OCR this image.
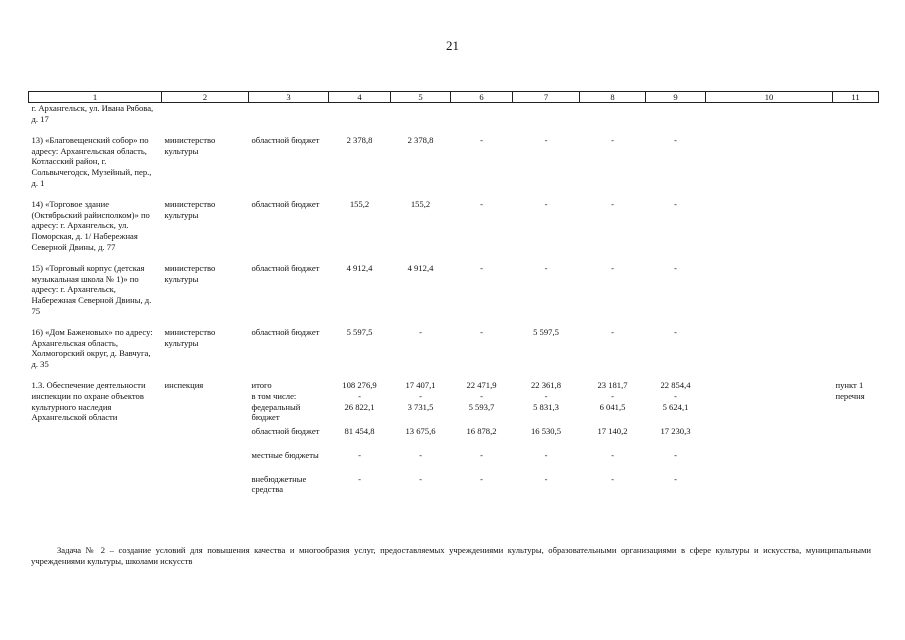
21
1	2	3	4	5	6	7	8	9	10	11
г. Архангельск, ул. Ивана Рябова, д. 17										

13) «Благовещенский собор» по адресу: Архангельская область, Котласский район, г. Сольвычегодск, Музейный, пер., д. 1	министерство культуры	областной бюджет	2 378,8	2 378,8	-	-	-	-		

14) «Торговое здание (Октябрьский райисполком)» по адресу: г. Архангельск, ул. Поморская, д. 1/ Набережная Северной Двины, д. 77	министерство культуры	областной бюджет	155,2	155,2	-	-	-	-		

15) «Торговый корпус (детская музыкальная школа № 1)» по адресу: г. Архангельск, Набережная Северной Двины, д. 75	министерство культуры	областной бюджет	4 912,4	4 912,4	-	-	-	-		

16) «Дом Баженовых» по адресу: Архангельская область, Холмогорский округ, д. Вавчуга, д. 35	министерство культуры	областной бюджет	5 597,5	-	-	5 597,5	-	-		

1.3. Обеспечение деятельности инспекции по охране объектов культурного наследия Архангельской области	инспекция	итого	108 276,9	17 407,1	22 471,9	22 361,8	23 181,7	22 854,4		пункт 1 перечня
		в том числе:	-	-	-	-	-	-		
		федеральный бюджет	26 822,1	3 731,5	5 593,7	5 831,3	6 041,5	5 624,1		
		областной бюджет	81 454,8	13 675,6	16 878,2	16 530,5	17 140,2	17 230,3		
		местные бюджеты	-	-	-	-	-	-		
		внебюджетные средства	-	-	-	-	-	-		
Задача № 2 – создание условий для повышения качества и многообразия услуг, предоставляемых учреждениями культуры, образовательными организациями в сфере культуры и искусства, муниципальными учреждениями культуры, школами искусств
